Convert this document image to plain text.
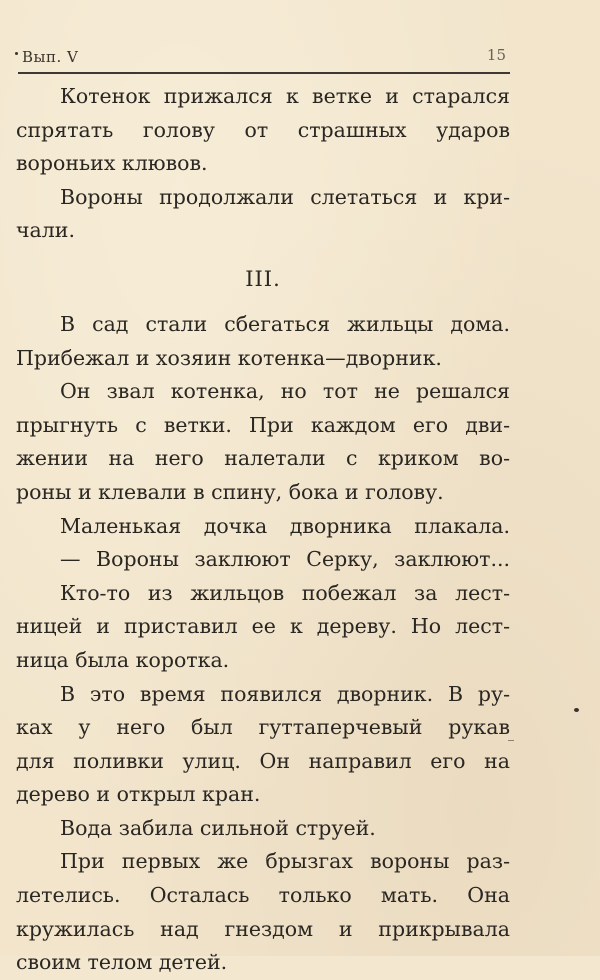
Вып. V	15
Котенок прижался к ветке и старался
спрятать голову от страшных ударов
вороньих клювов.
Вороны продолжали слетаться и кри-
чали.
III.
В сад стали сбегаться жильцы дома.
Прибежал и хозяин котенка—дворник.
Он звал котенка, но тот не решался
прыгнуть с ветки. При каждом его дви-
жении на него налетали с криком во-
роны и клевали в спину, бока и голову.
Маленькая дочка дворника плакала.
— Вороны заклюют Серку, заклюют...
Кто-то из жильцов побежал за лест-
ницей и приставил ее к дереву. Но лест-
ница была коротка.
В это время появился дворник. В ру-
ках у него был гуттаперчевый рукав
для поливки улиц. Он направил его на
дерево и открыл кран.
Вода забила сильной струей.
При первых же брызгах вороны раз-
летелись. Осталась только мать. Она
кружилась над гнездом и прикрывала
своим телом детей.
